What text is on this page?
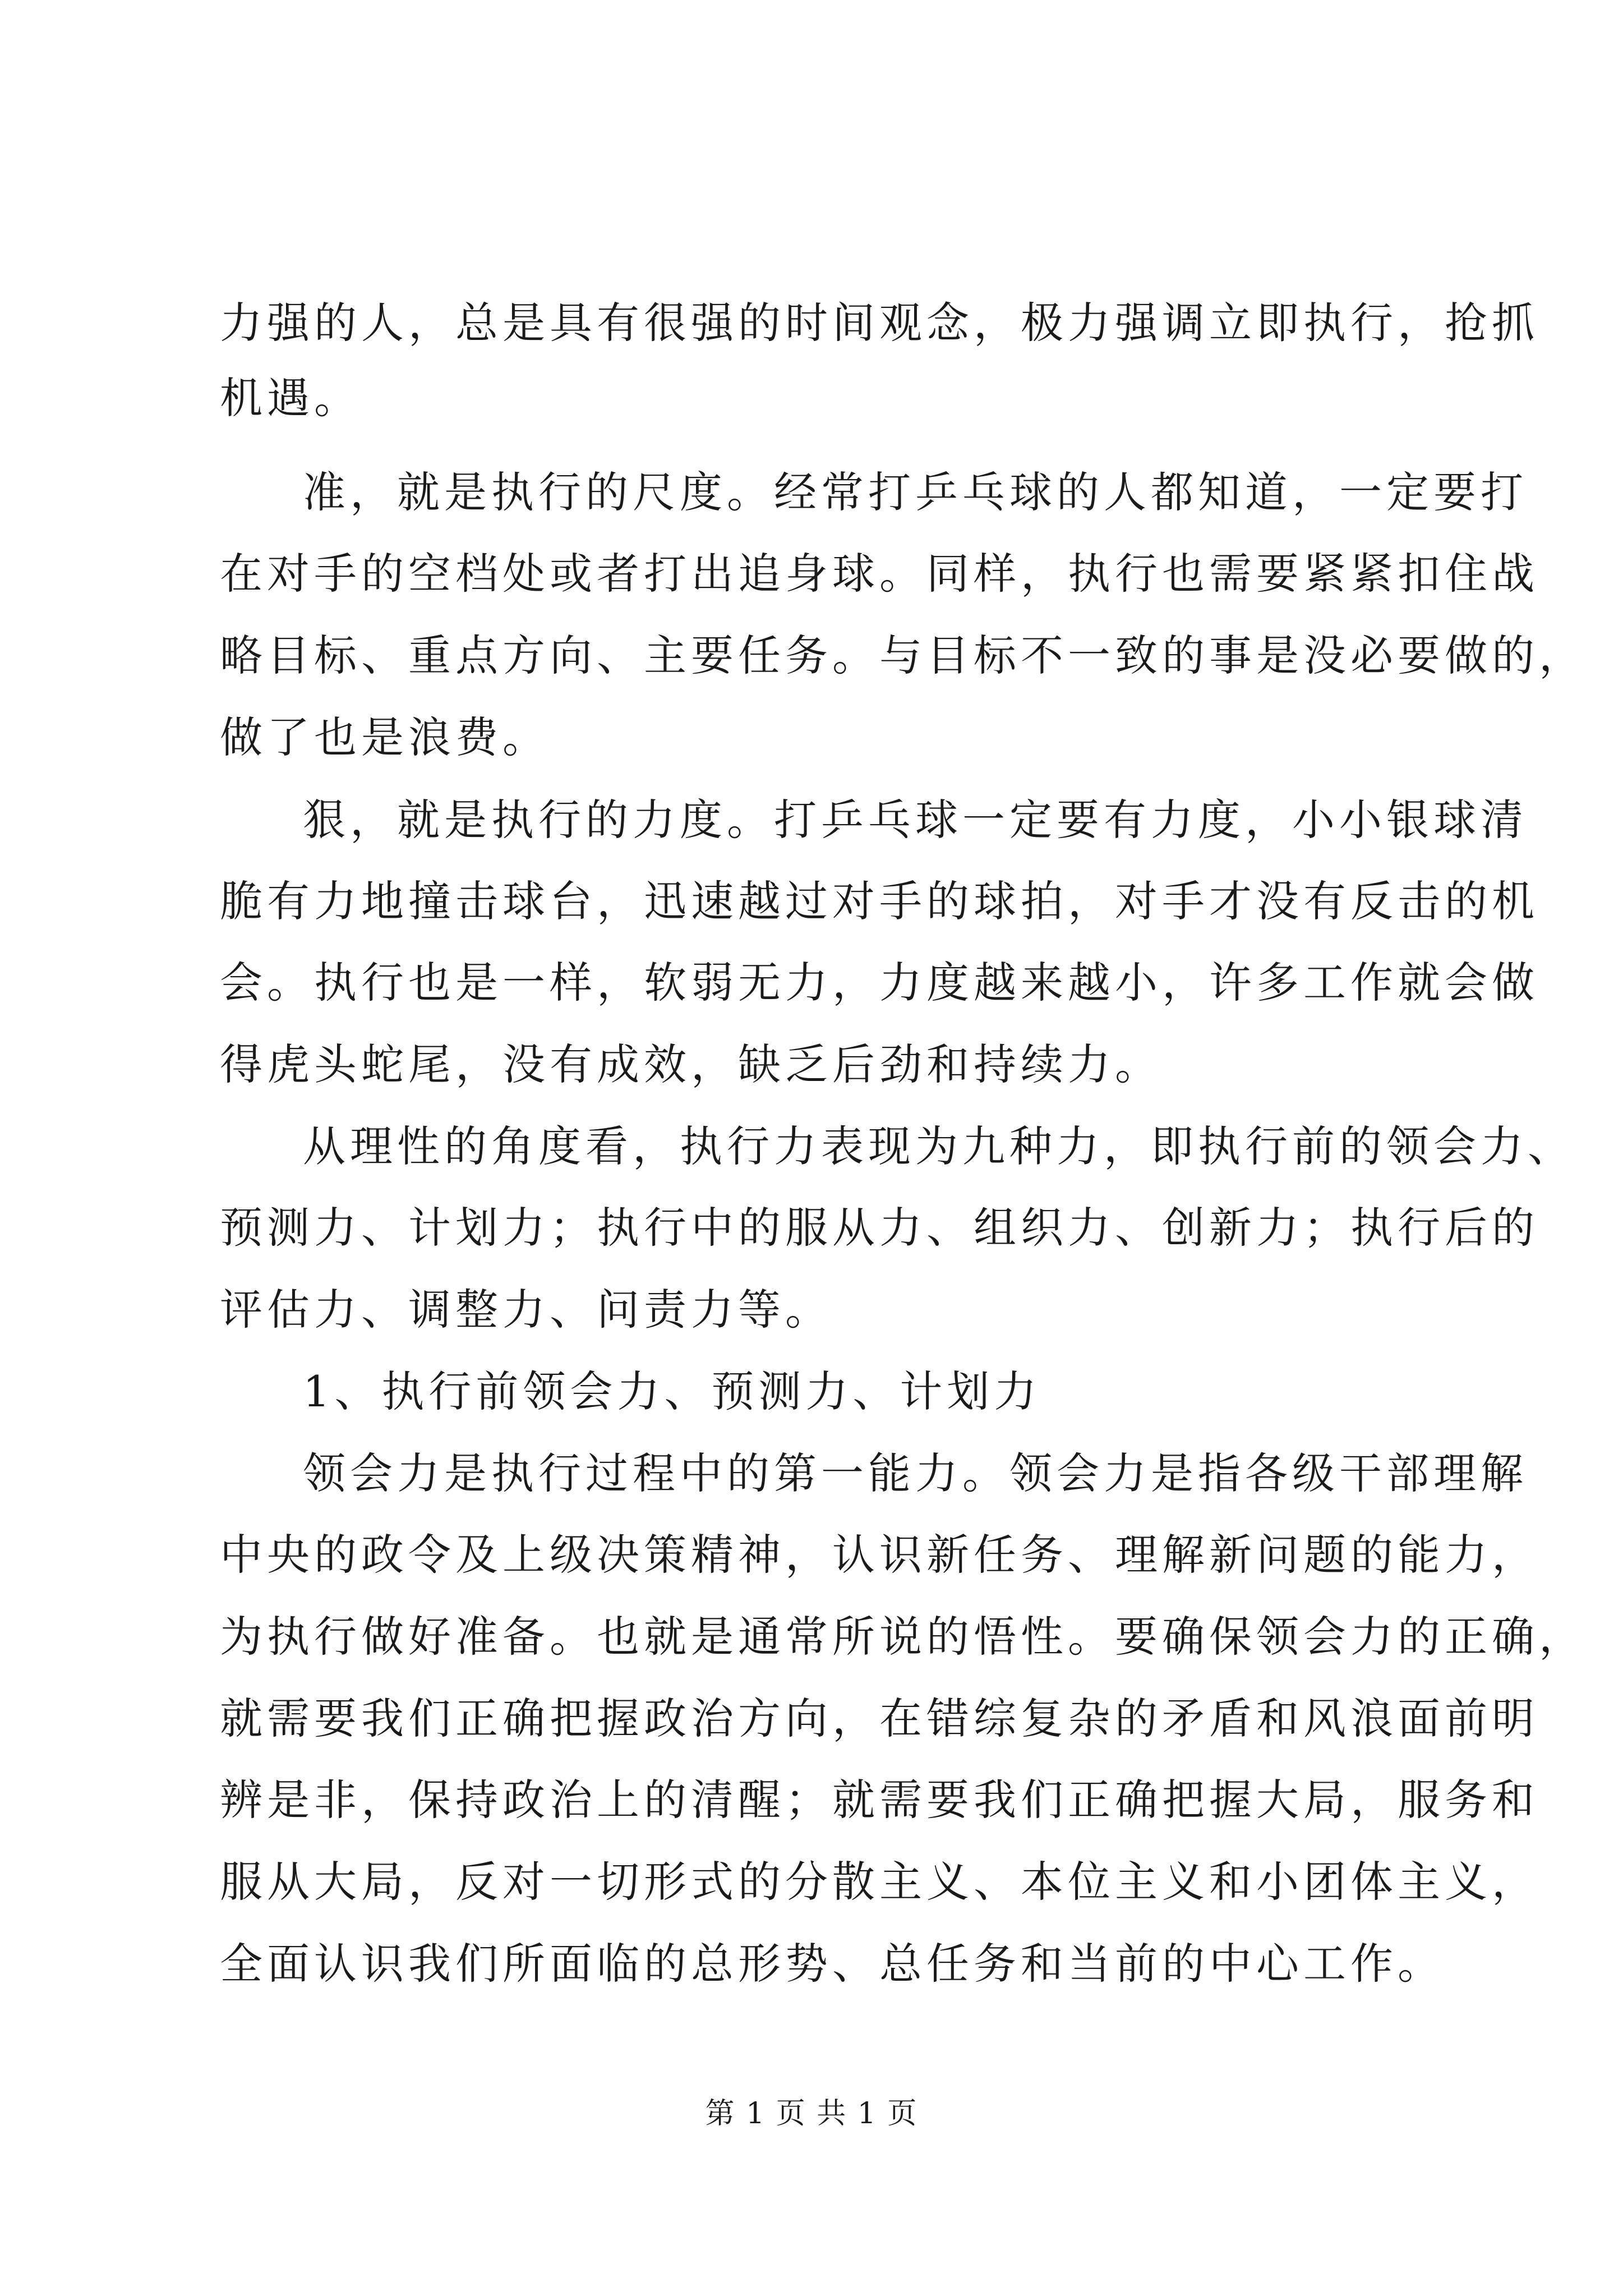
力强的人，总是具有很强的时间观念，极力强调立即执行，抢抓
机遇。
准，就是执行的尺度。经常打乒乓球的人都知道，一定要打
在对手的空档处或者打出追身球。同样，执行也需要紧紧扣住战
略目标、重点方向、主要任务。与目标不一致的事是没必要做的，
做了也是浪费。
狠，就是执行的力度。打乒乓球一定要有力度，小小银球清
脆有力地撞击球台，迅速越过对手的球拍，对手才没有反击的机
会。执行也是一样，软弱无力，力度越来越小，许多工作就会做
得虎头蛇尾，没有成效，缺乏后劲和持续力。
从理性的角度看，执行力表现为九种力，即执行前的领会力、
预测力、计划力；执行中的服从力、组织力、创新力；执行后的
评估力、调整力、问责力等。
1、执行前领会力、预测力、计划力
领会力是执行过程中的第一能力。领会力是指各级干部理解
中央的政令及上级决策精神，认识新任务、理解新问题的能力，
为执行做好准备。也就是通常所说的悟性。要确保领会力的正确，
就需要我们正确把握政治方向，在错综复杂的矛盾和风浪面前明
辨是非，保持政治上的清醒；就需要我们正确把握大局，服务和
服从大局，反对一切形式的分散主义、本位主义和小团体主义，
全面认识我们所面临的总形势、总任务和当前的中心工作。
第 1 页 共 1 页
